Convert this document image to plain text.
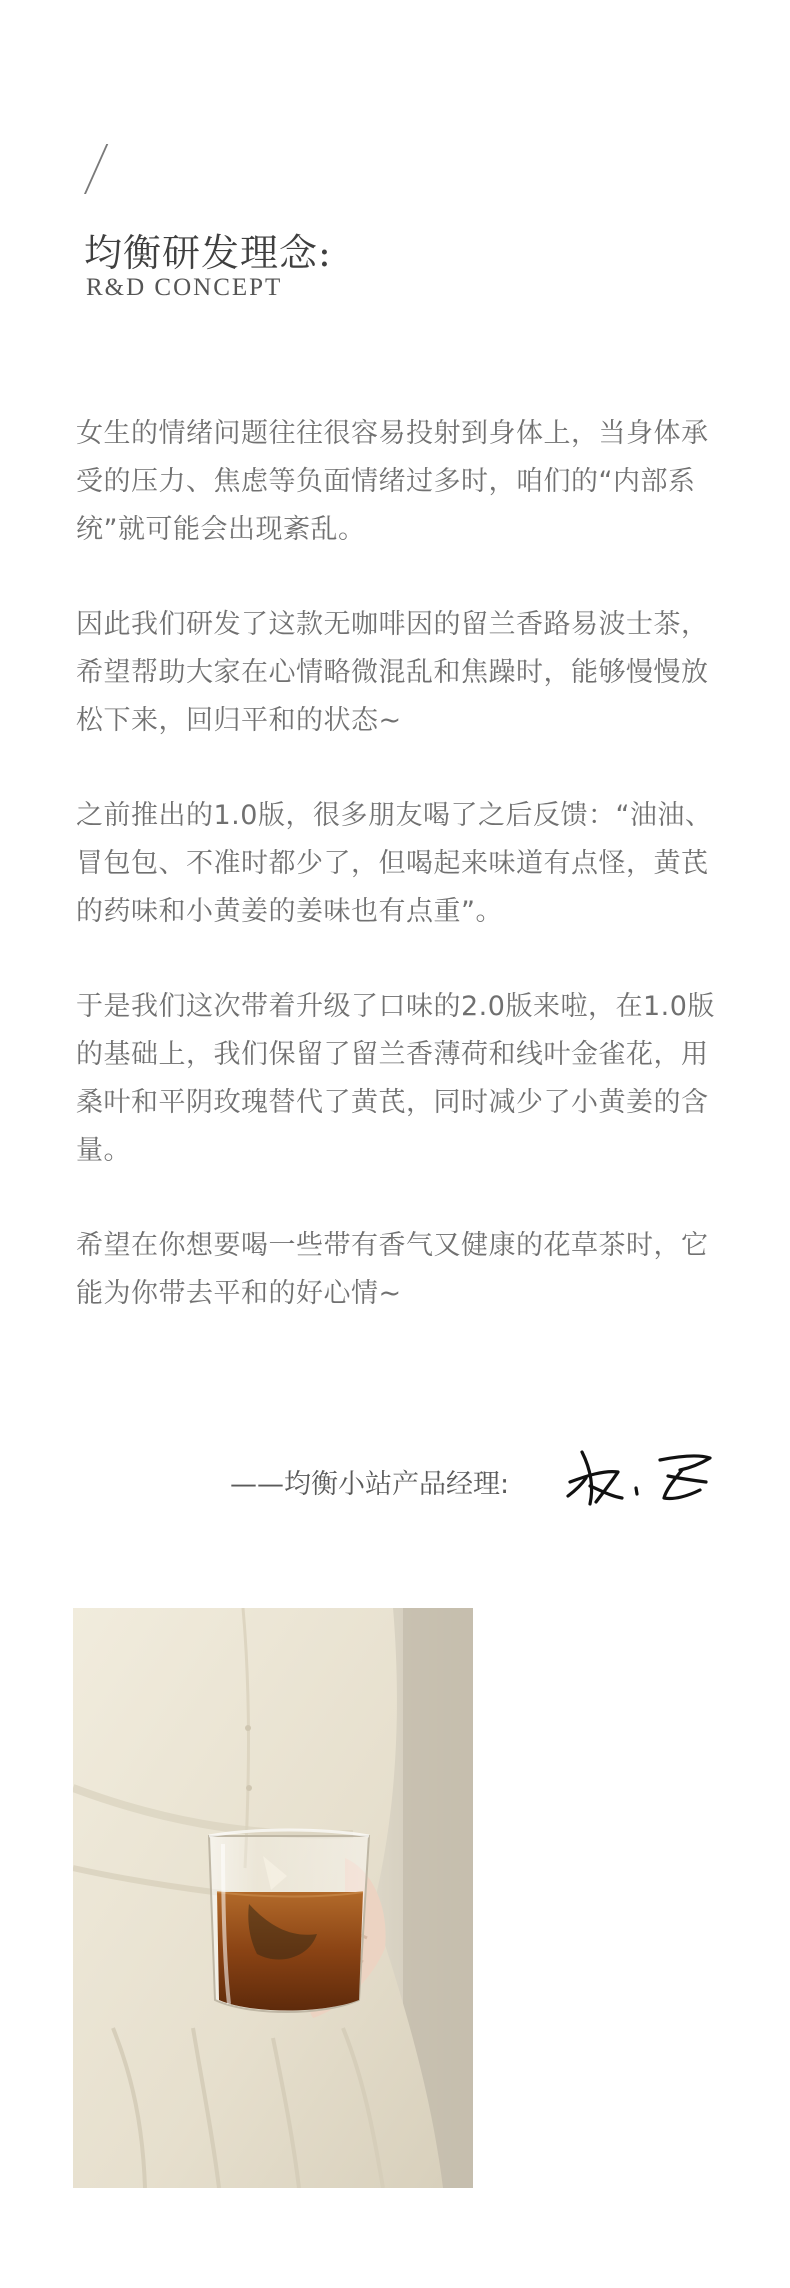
均衡研发理念:
R&D CONCEPT

女生的情绪问题往往很容易投射到身体上，当身体承受的压力、焦虑等负面情绪过多时，咱们的“内部系统”就可能会出现紊乱。

因此我们研发了这款无咖啡因的留兰香路易波士茶，希望帮助大家在心情略微混乱和焦躁时，能够慢慢放松下来，回归平和的状态~

之前推出的1.0版，很多朋友喝了之后反馈：“油油、冒包包、不准时都少了，但喝起来味道有点怪，黄芪的药味和小黄姜的姜味也有点重”。

于是我们这次带着升级了口味的2.0版来啦，在1.0版的基础上，我们保留了留兰香薄荷和线叶金雀花，用桑叶和平阴玫瑰替代了黄芪，同时减少了小黄姜的含量。

希望在你想要喝一些带有香气又健康的花草茶时，它能为你带去平和的好心情~

——均衡小站产品经理:
